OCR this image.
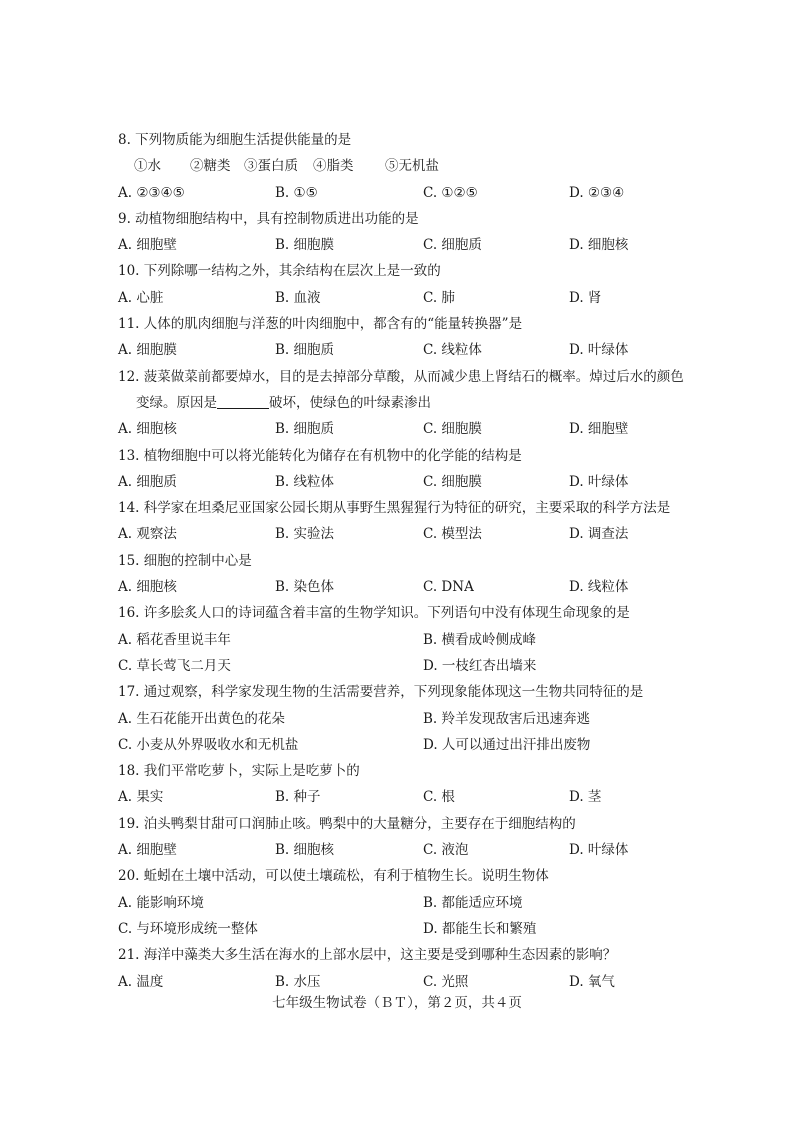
8. 下列物质能为细胞生活提供能量的是
①水 ②糖类 ③蛋白质 ④脂类 ⑤无机盐
A. ②③④⑤	B. ①⑤	C. ①②⑤	D. ②③④
9. 动植物细胞结构中，具有控制物质进出功能的是
A. 细胞壁	B. 细胞膜	C. 细胞质	D. 细胞核
10. 下列除哪一结构之外，其余结构在层次上是一致的
A. 心脏	B. 血液	C. 肺	D. 肾
11. 人体的肌肉细胞与洋葱的叶肉细胞中，都含有的“能量转换器”是
A. 细胞膜	B. 细胞质	C. 线粒体	D. 叶绿体
12. 菠菜做菜前都要焯水，目的是去掉部分草酸，从而减少患上肾结石的概率。焯过后水的颜色
变绿。原因是	破坏，使绿色的叶绿素渗出
A. 细胞核	B. 细胞质	C. 细胞膜	D. 细胞壁
13. 植物细胞中可以将光能转化为储存在有机物中的化学能的结构是
A. 细胞质	B. 线粒体	C. 细胞膜	D. 叶绿体
14. 科学家在坦桑尼亚国家公园长期从事野生黑猩猩行为特征的研究，主要采取的科学方法是
A. 观察法	B. 实验法	C. 模型法	D. 调查法
15. 细胞的控制中心是
A. 细胞核	B. 染色体	C. DNA	D. 线粒体
16. 许多脍炙人口的诗词蕴含着丰富的生物学知识。下列语句中没有体现生命现象的是
A. 稻花香里说丰年	B. 横看成岭侧成峰
C. 草长莺飞二月天	D. 一枝红杏出墙来
17. 通过观察，科学家发现生物的生活需要营养，下列现象能体现这一生物共同特征的是
A. 生石花能开出黄色的花朵	B. 羚羊发现敌害后迅速奔逃
C. 小麦从外界吸收水和无机盐	D. 人可以通过出汗排出废物
18. 我们平常吃萝卜，实际上是吃萝卜的
A. 果实	B. 种子	C. 根	D. 茎
19. 泊头鸭梨甘甜可口润肺止咳。鸭梨中的大量糖分，主要存在于细胞结构的
A. 细胞壁	B. 细胞核	C. 液泡	D. 叶绿体
20. 蚯蚓在土壤中活动，可以使土壤疏松，有利于植物生长。说明生物体
A. 能影响环境	B. 都能适应环境
C. 与环境形成统一整体	D. 都能生长和繁殖
21. 海洋中藻类大多生活在海水的上部水层中，这主要是受到哪种生态因素的影响？
A. 温度	B. 水压	C. 光照	D. 氧气
七年级生物试卷（ＢＴ），第２页，共４页
